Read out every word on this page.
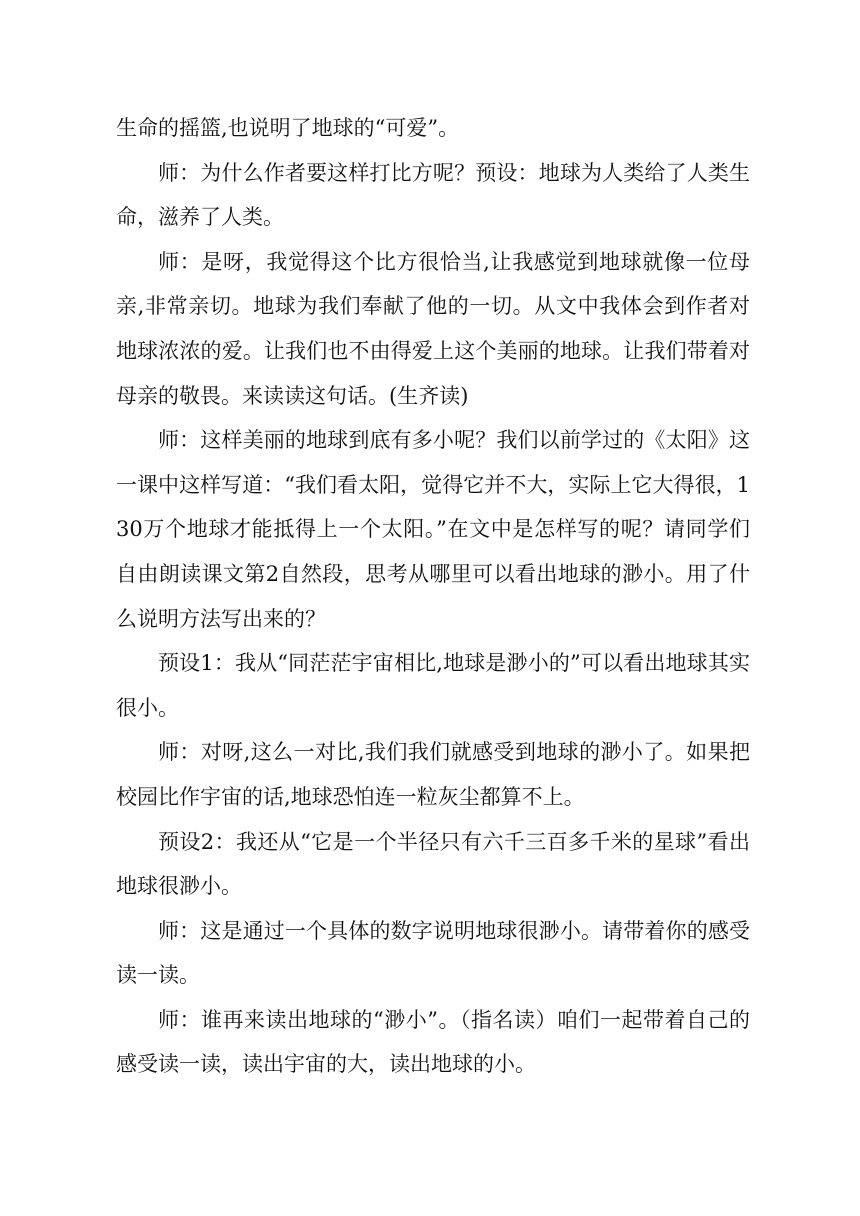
生命的摇篮,也说明了地球的“可爱”。

师：为什么作者要这样打比方呢？预设：地球为人类给了人类生命，滋养了人类。

师：是呀，我觉得这个比方很恰当,让我感觉到地球就像一位母亲,非常亲切。地球为我们奉献了他的一切。从文中我体会到作者对地球浓浓的爱。让我们也不由得爱上这个美丽的地球。让我们带着对母亲的敬畏。来读读这句话。(生齐读)

师：这样美丽的地球到底有多小呢？我们以前学过的《太阳》这一课中这样写道：“我们看太阳，觉得它并不大，实际上它大得很，130万个地球才能抵得上一个太阳。”在文中是怎样写的呢？请同学们自由朗读课文第2自然段，思考从哪里可以看出地球的渺小。用了什么说明方法写出来的？

预设1：我从“同茫茫宇宙相比,地球是渺小的”可以看出地球其实很小。

师：对呀,这么一对比,我们我们就感受到地球的渺小了。如果把校园比作宇宙的话,地球恐怕连一粒灰尘都算不上。

预设2：我还从“它是一个半径只有六千三百多千米的星球”看出地球很渺小。

师：这是通过一个具体的数字说明地球很渺小。请带着你的感受读一读。

师：谁再来读出地球的“渺小”。（指名读）咱们一起带着自己的感受读一读，读出宇宙的大，读出地球的小。
